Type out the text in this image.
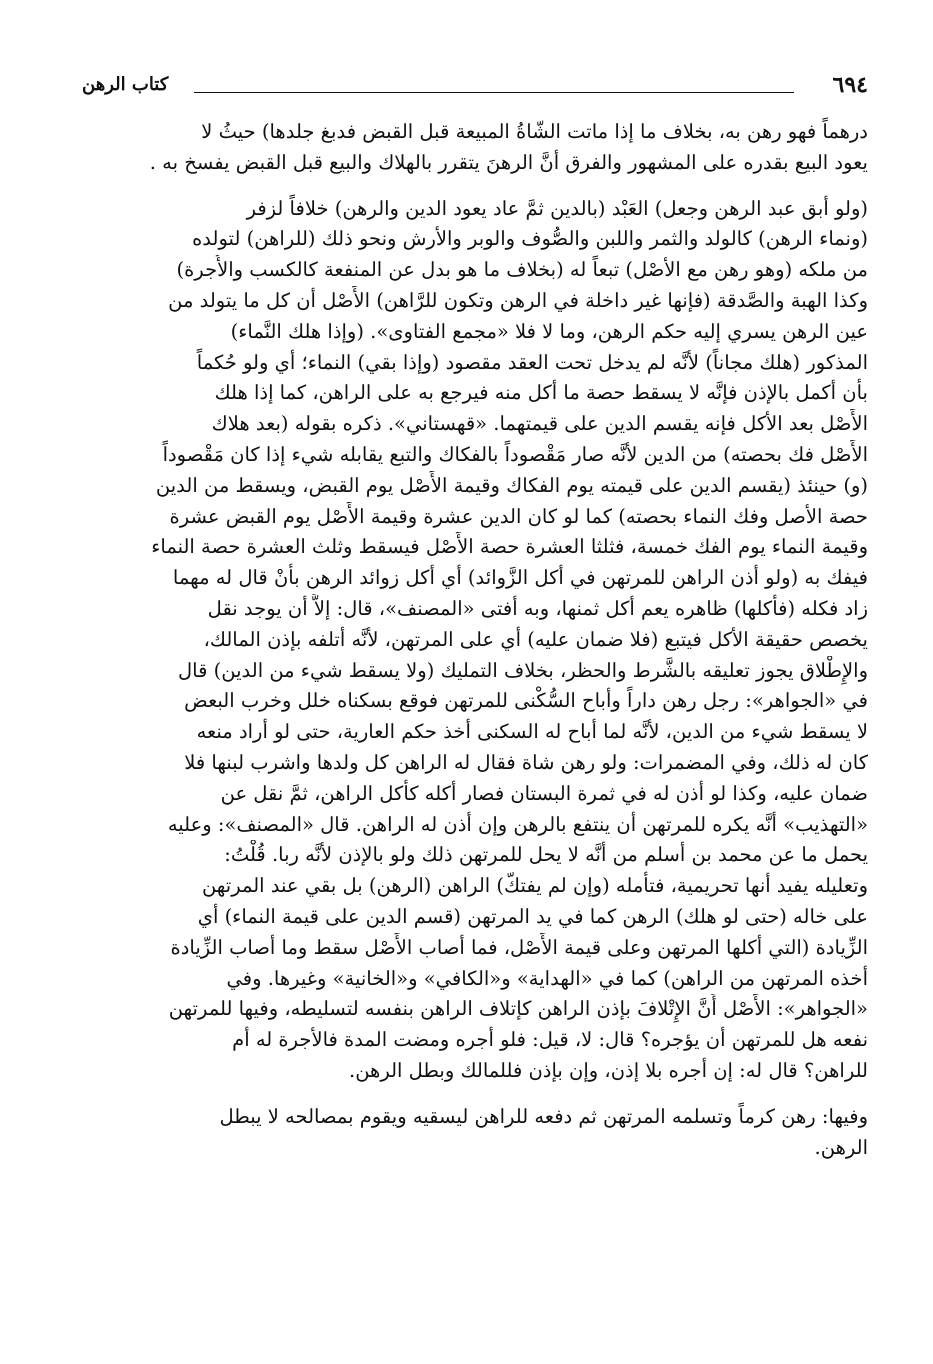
٦٩٤
كتاب الرهن

درهماً فهو رهن به، بخلاف ما إذا ماتت الشّاةُ المبيعة قبل القبض فدبغ جلدها) حيثُ لا
يعود البيع بقدره على المشهور والفرق أنَّ الرهنَ يتقرر بالهلاك والبيع قبل القبض يفسخ به .

(ولو أبق عبد الرهن وجعل) العَبْد (بالدين ثمَّ عاد يعود الدين والرهن) خلافاً لزفر
(ونماء الرهن) كالولد والثمر واللبن والصُّوف والوبر والأرش ونحو ذلك (للراهن) لتولده
من ملكه (وهو رهن مع الأصْل) تبعاً له (بخلاف ما هو بدل عن المنفعة كالكسب والأُجرة)
وكذا الهبة والصَّدقة (فإنها غير داخلة في الرهن وتكون للرَّاهن) الأَصْل أن كل ما يتولد من
عين الرهن يسري إليه حكم الرهن، وما لا فلا «مجمع الفتاوى». (وإذا هلك النَّماء)
المذكور (هلك مجاناً) لأنَّه لم يدخل تحت العقد مقصود (وإذا بقي) النماء؛ أي ولو حُكماً
بأن أكمل بالإذن فإنَّه لا يسقط حصة ما أكل منه فيرجع به على الراهن، كما إذا هلك
الأَصْل بعد الأكل فإنه يقسم الدين على قيمتهما. «قهستاني». ذكره بقوله (بعد هلاك
الأَصْل فك بحصته) من الدين لأنَّه صار مَقْصوداً بالفكاك والتبع يقابله شيء إذا كان مَقْصوداً
(و) حينئذ (يقسم الدين على قيمته يوم الفكاك وقيمة الأَصْل يوم القبض، ويسقط من الدين
حصة الأصل وفك النماء بحصته) كما لو كان الدين عشرة وقيمة الأَصْل يوم القبض عشرة
وقيمة النماء يوم الفك خمسة، فثلثا العشرة حصة الأَصْل فيسقط وثلث العشرة حصة النماء
فيفك به (ولو أذن الراهن للمرتهن في أكل الزَّوائد) أي أكل زوائد الرهن بأَنْ قال له مهما
زاد فكله (فأكلها) ظاهره يعم أكل ثمنها، وبه أفتى «المصنف»، قال: إلاَّ أن يوجد نقل
يخصص حقيقة الأكل فيتبع (فلا ضمان عليه) أي على المرتهن، لأنَّه أتلفه بإذن المالك،
والإِطْلاق يجوز تعليقه بالشَّرط والحظر، بخلاف التمليك (ولا يسقط شيء من الدين) قال
في «الجواهر»: رجل رهن داراً وأباح السُّكْنى للمرتهن فوقع بسكناه خلل وخرب البعض
لا يسقط شيء من الدين، لأنَّه لما أباح له السكنى أخذ حكم العارية، حتى لو أراد منعه
كان له ذلك، وفي المضمرات: ولو رهن شاة فقال له الراهن كل ولدها واشرب لبنها فلا
ضمان عليه، وكذا لو أذن له في ثمرة البستان فصار أكله كأكل الراهن، ثمَّ نقل عن
«التهذيب» أنَّه يكره للمرتهن أن ينتفع بالرهن وإن أذن له الراهن. قال «المصنف»: وعليه
يحمل ما عن محمد بن أسلم من أنَّه لا يحل للمرتهن ذلك ولو بالإذن لأنَّه ربا. قُلْتُ:
وتعليله يفيد أنها تحريمية، فتأمله (وإن لم يفتكّ) الراهن (الرهن) بل بقي عند المرتهن
على خاله (حتى لو هلك) الرهن كما في يد المرتهن (قسم الدين على قيمة النماء) أي
الزِّيادة (التي أكلها المرتهن وعلى قيمة الأَصْل، فما أصاب الأَصْل سقط وما أصاب الزِّيادة
أخذه المرتهن من الراهن) كما في «الهداية» و«الكافي» و«الخانية» وغيرها. وفي
«الجواهر»: الأَصْل أَنَّ الإِتْلافَ بإذن الراهن كإتلاف الراهن بنفسه لتسليطه، وفيها للمرتهن
نفعه هل للمرتهن أن يؤجره؟ قال: لا، قيل: فلو أجره ومضت المدة فالأجرة له أم
للراهن؟ قال له: إن أجره بلا إذن، وإن بإذن فللمالك وبطل الرهن.

وفيها: رهن كرماً وتسلمه المرتهن ثم دفعه للراهن ليسقيه ويقوم بمصالحه لا يبطل
الرهن.
